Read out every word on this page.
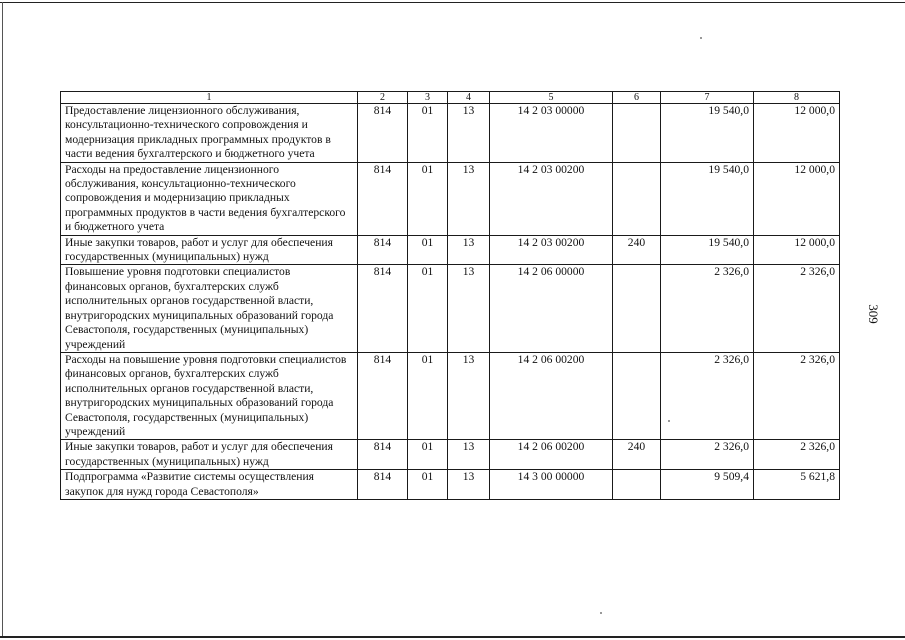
1	2	3	4	5	6	7	8
Предоставление лицензионного обслуживания, консультационно-технического сопровождения и модернизация прикладных программных продуктов в части ведения бухгалтерского и бюджетного учета	814	01	13	14 2 03 00000		19 540,0	12 000,0
Расходы на предоставление лицензионного обслуживания, консультационно-технического сопровождения и модернизацию прикладных программных продуктов в части ведения бухгалтерского и бюджетного учета	814	01	13	14 2 03 00200		19 540,0	12 000,0
Иные закупки товаров, работ и услуг для обеспечения государственных (муниципальных) нужд	814	01	13	14 2 03 00200	240	19 540,0	12 000,0
Повышение уровня подготовки специалистов финансовых органов, бухгалтерских служб исполнительных органов государственной власти, внутригородских муниципальных образований города Севастополя, государственных (муниципальных) учреждений	814	01	13	14 2 06 00000		2 326,0	2 326,0
Расходы на повышение уровня подготовки специалистов финансовых органов, бухгалтерских служб исполнительных органов государственной власти, внутригородских муниципальных образований города Севастополя, государственных (муниципальных) учреждений	814	01	13	14 2 06 00200		2 326,0	2 326,0
Иные закупки товаров, работ и услуг для обеспечения государственных (муниципальных) нужд	814	01	13	14 2 06 00200	240	2 326,0	2 326,0
Подпрограмма «Развитие системы осуществления закупок для нужд города Севастополя»	814	01	13	14 3 00 00000		9 509,4	5 621,8
309
